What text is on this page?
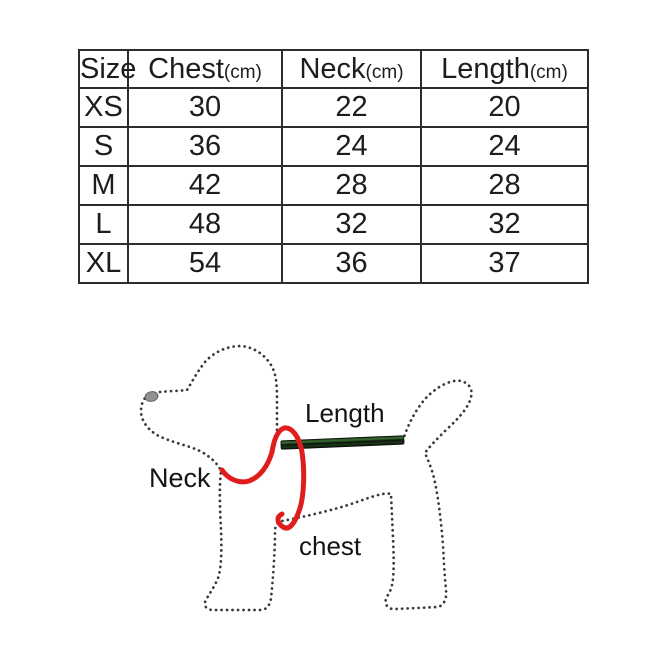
Size	Chest(cm)	Neck(cm)	Length(cm)
XS	30	22	20
S	36	24	24
M	42	28	28
L	48	32	32
XL	54	36	37
Length
Neck
chest
